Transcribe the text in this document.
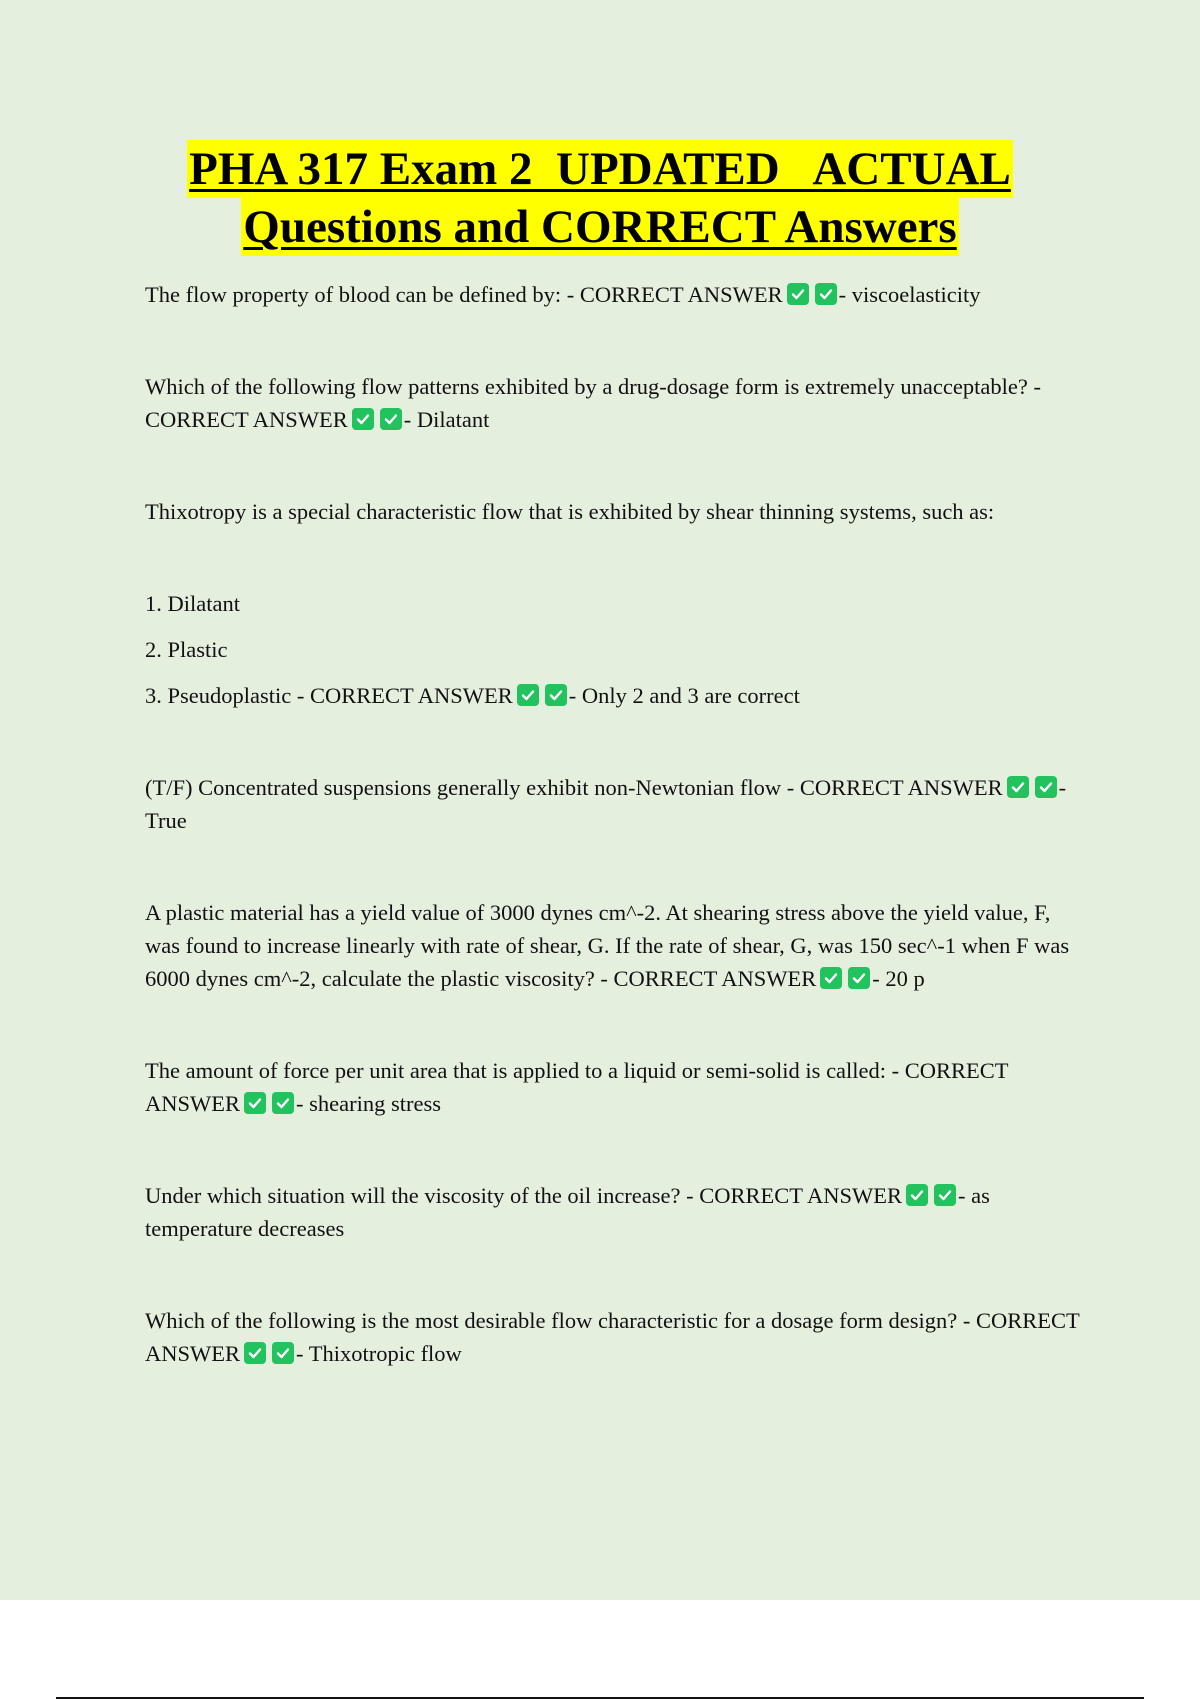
PHA 317 Exam 2  UPDATED   ACTUAL
Questions and CORRECT Answers

The flow property of blood can be defined by: - CORRECT ANSWER - viscoelasticity

Which of the following flow patterns exhibited by a drug-dosage form is extremely unacceptable? - CORRECT ANSWER - Dilatant

Thixotropy is a special characteristic flow that is exhibited by shear thinning systems, such as:

1. Dilatant

2. Plastic

3. Pseudoplastic - CORRECT ANSWER - Only 2 and 3 are correct

(T/F) Concentrated suspensions generally exhibit non-Newtonian flow - CORRECT ANSWER - True

A plastic material has a yield value of 3000 dynes cm^-2. At shearing stress above the yield value, F, was found to increase linearly with rate of shear, G. If the rate of shear, G, was 150 sec^-1 when F was 6000 dynes cm^-2, calculate the plastic viscosity? - CORRECT ANSWER - 20 p

The amount of force per unit area that is applied to a liquid or semi-solid is called: - CORRECT ANSWER - shearing stress

Under which situation will the viscosity of the oil increase? - CORRECT ANSWER - as temperature decreases

Which of the following is the most desirable flow characteristic for a dosage form design? - CORRECT ANSWER - Thixotropic flow
